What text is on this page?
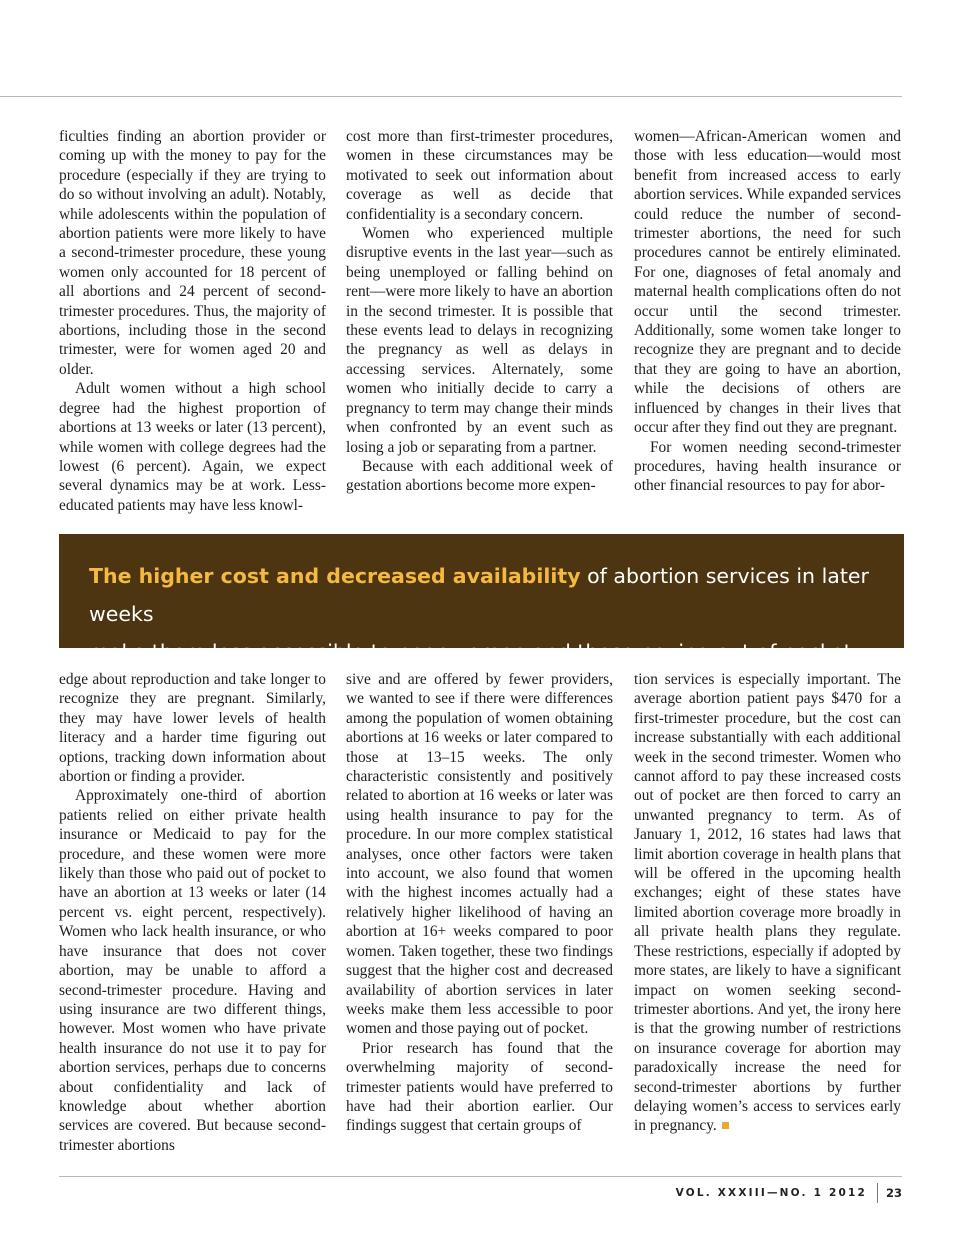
ficulties finding an abortion provider or coming up with the money to pay for the procedure (especially if they are trying to do so without involving an adult). Notably, while adolescents within the population of abortion patients were more likely to have a second-trimester procedure, these young women only accounted for 18 percent of all abortions and 24 percent of second-trimester procedures. Thus, the majority of abortions, including those in the second trimester, were for women aged 20 and older.

Adult women without a high school degree had the highest proportion of abortions at 13 weeks or later (13 percent), while women with college degrees had the lowest (6 percent). Again, we expect several dynamics may be at work. Less-educated patients may have less knowl-

cost more than first-trimester procedures, women in these circumstances may be motivated to seek out information about coverage as well as decide that confidentiality is a secondary concern.

Women who experienced multiple disruptive events in the last year—such as being unemployed or falling behind on rent—were more likely to have an abortion in the second trimester. It is possible that these events lead to delays in recognizing the pregnancy as well as delays in accessing services. Alternately, some women who initially decide to carry a pregnancy to term may change their minds when confronted by an event such as losing a job or separating from a partner.

Because with each additional week of gestation abortions become more expen-

women—African-American women and those with less education—would most benefit from increased access to early abortion services. While expanded services could reduce the number of second-trimester abortions, the need for such procedures cannot be entirely eliminated. For one, diagnoses of fetal anomaly and maternal health complications often do not occur until the second trimester. Additionally, some women take longer to recognize they are pregnant and to decide that they are going to have an abortion, while the decisions of others are influenced by changes in their lives that occur after they find out they are pregnant.

For women needing second-trimester procedures, having health insurance or other financial resources to pay for abor-

The higher cost and decreased availability of abortion services in later weeks
make them less accessible to poor women and those paying out of pocket.

edge about reproduction and take longer to recognize they are pregnant. Similarly, they may have lower levels of health literacy and a harder time figuring out options, tracking down information about abortion or finding a provider.

Approximately one-third of abortion patients relied on either private health insurance or Medicaid to pay for the procedure, and these women were more likely than those who paid out of pocket to have an abortion at 13 weeks or later (14 percent vs. eight percent, respectively). Women who lack health insurance, or who have insurance that does not cover abortion, may be unable to afford a second-trimester procedure. Having and using insurance are two different things, however. Most women who have private health insurance do not use it to pay for abortion services, perhaps due to concerns about confidentiality and lack of knowledge about whether abortion services are covered. But because second-trimester abortions

sive and are offered by fewer providers, we wanted to see if there were differences among the population of women obtaining abortions at 16 weeks or later compared to those at 13–15 weeks. The only characteristic consistently and positively related to abortion at 16 weeks or later was using health insurance to pay for the procedure. In our more complex statistical analyses, once other factors were taken into account, we also found that women with the highest incomes actually had a relatively higher likelihood of having an abortion at 16+ weeks compared to poor women. Taken together, these two findings suggest that the higher cost and decreased availability of abortion services in later weeks make them less accessible to poor women and those paying out of pocket.

Prior research has found that the overwhelming majority of second-trimester patients would have preferred to have had their abortion earlier. Our findings suggest that certain groups of

tion services is especially important. The average abortion patient pays $470 for a first-trimester procedure, but the cost can increase substantially with each additional week in the second trimester. Women who cannot afford to pay these increased costs out of pocket are then forced to carry an unwanted pregnancy to term. As of January 1, 2012, 16 states had laws that limit abortion coverage in health plans that will be offered in the upcoming health exchanges; eight of these states have limited abortion coverage more broadly in all private health plans they regulate. These restrictions, especially if adopted by more states, are likely to have a significant impact on women seeking second-trimester abortions. And yet, the irony here is that the growing number of restrictions on insurance coverage for abortion may paradoxically increase the need for second-trimester abortions by further delaying women’s access to services early in pregnancy.

VOL. XXXIII—NO. 1 2012 23
